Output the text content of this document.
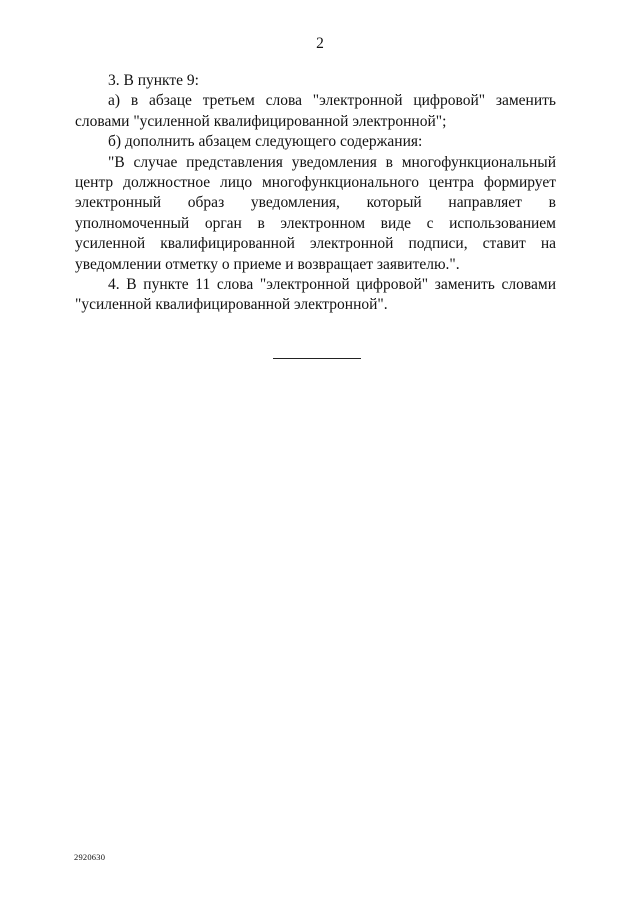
2

3. В пункте 9:

а) в абзаце третьем слова "электронной цифровой" заменить словами "усиленной квалифицированной электронной";

б) дополнить абзацем следующего содержания:

"В случае представления уведомления в многофункциональный центр должностное лицо многофункционального центра формирует электронный образ уведомления, который направляет в уполномоченный орган в электронном виде с использованием усиленной квалифицированной электронной подписи, ставит на уведомлении отметку о приеме и возвращает заявителю.".

4. В пункте 11 слова "электронной цифровой" заменить словами "усиленной квалифицированной электронной".

2920630
